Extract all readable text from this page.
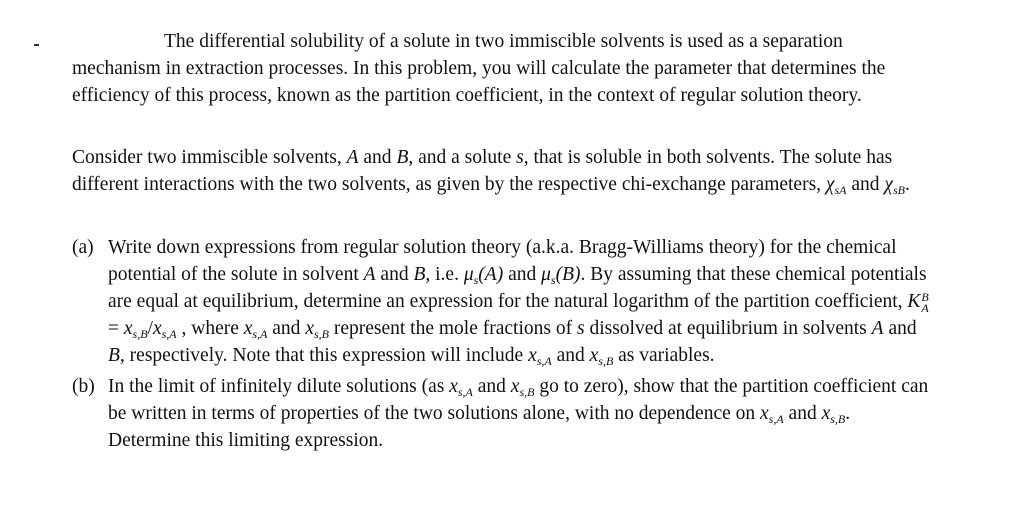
The differential solubility of a solute in two immiscible solvents is used as a separation mechanism in extraction processes. In this problem, you will calculate the parameter that determines the efficiency of this process, known as the partition coefficient, in the context of regular solution theory.

Consider two immiscible solvents, A and B, and a solute s, that is soluble in both solvents. The solute has different interactions with the two solvents, as given by the respective chi-exchange parameters, $\chi_{sA}$ and $\chi_{sB}$.

(a) Write down expressions from regular solution theory (a.k.a. Bragg-Williams theory) for the chemical potential of the solute in solvent A and B, i.e. $\mu_s(A)$ and $\mu_s(B)$. By assuming that these chemical potentials are equal at equilibrium, determine an expression for the natural logarithm of the partition coefficient, K B
A
= $x_{s,B}/x_{s,A}$ , where $x_{s,A}$ and $x_{s,B}$ represent the mole fractions of s dissolved at equilibrium in solvents A and B, respectively. Note that this expression will include $x_{s,A}$ and $x_{s,B}$ as variables.
(b) In the limit of infinitely dilute solutions (as $x_{s,A}$ and $x_{s,B}$ go to zero), show that the partition coefficient can be written in terms of properties of the two solutions alone, with no dependence on $x_{s,A}$ and $x_{s,B}$. Determine this limiting expression.
